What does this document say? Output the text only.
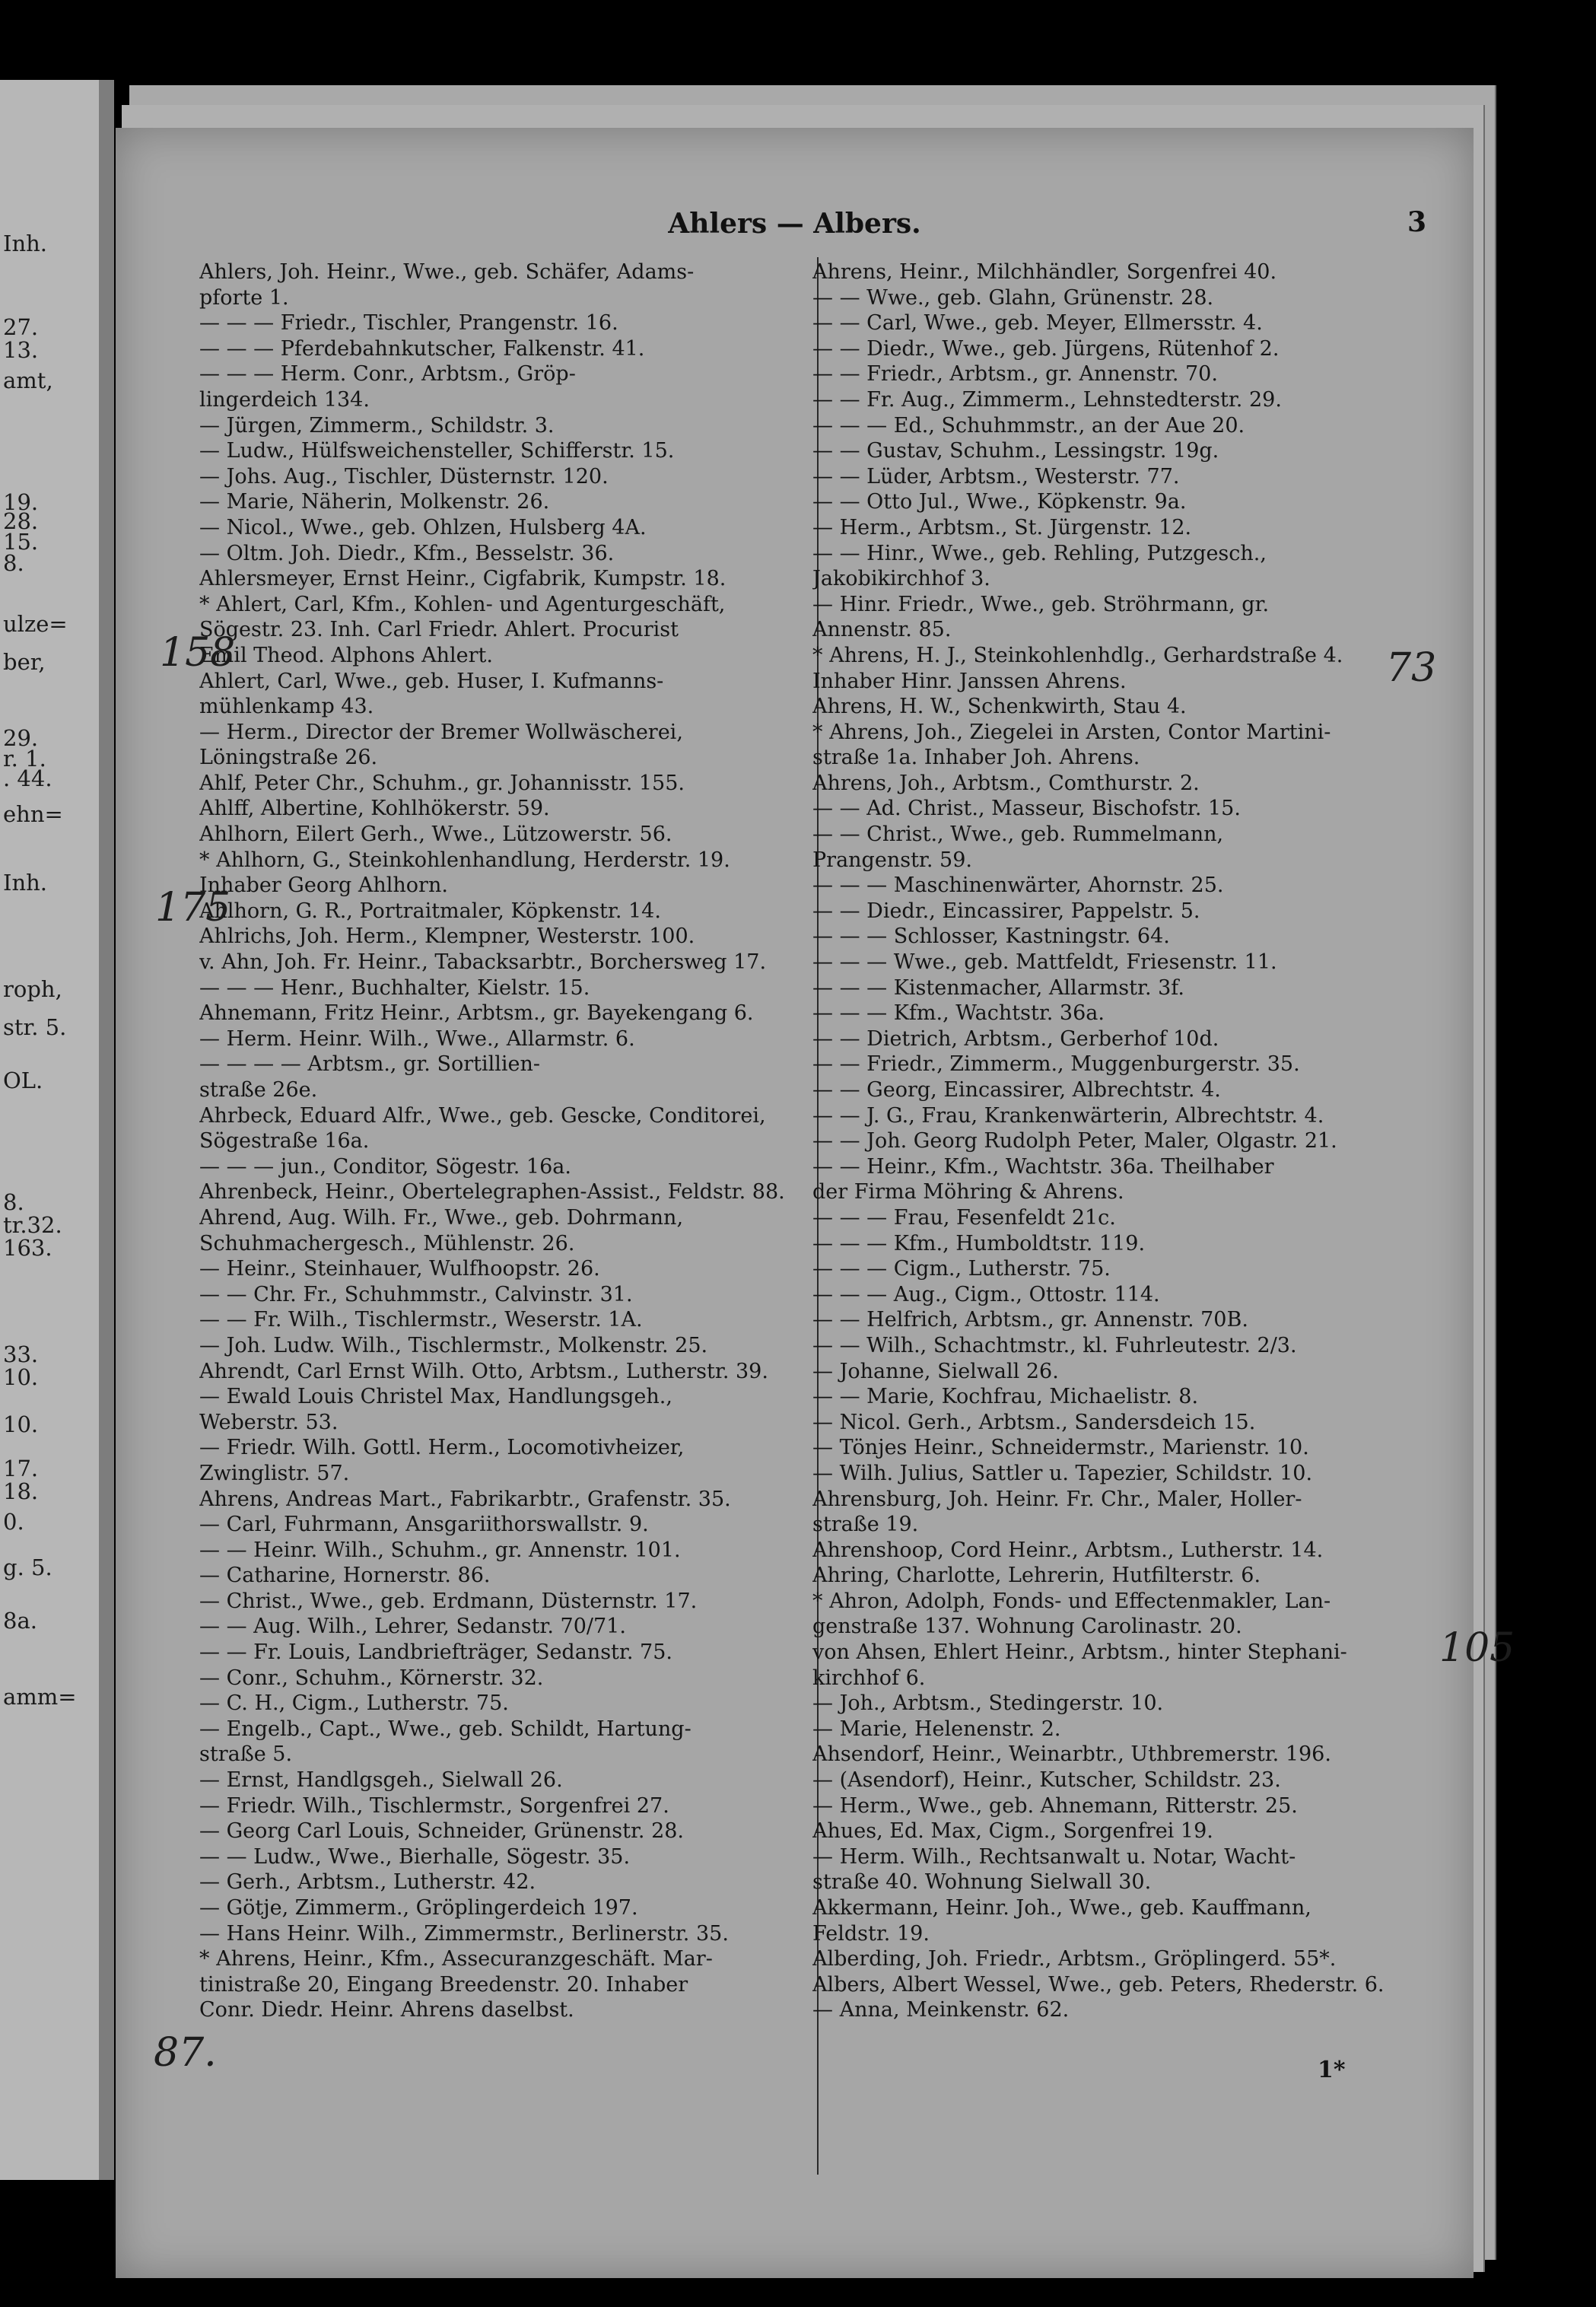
Inh.
27.
13.
amt,
19.
28.
15.
8.
ulze=
ber,
29.
r. 1.
. 44.
ehn=
Inh.
roph,
str. 5.
OL.
8.
tr.32.
163.
33.
10.
10.
17.
18.
0.
g. 5.
8a.
amm=
Ahlers — Albers.	3
Ahlers, Joh. Heinr., Wwe., geb. Schäfer, Adams-
pforte 1.
— — — Friedr., Tischler, Prangenstr. 16.
— — — Pferdebahnkutscher, Falkenstr. 41.
— — — Herm. Conr., Arbtsm., Gröp-
lingerdeich 134.
— Jürgen, Zimmerm., Schildstr. 3.
— Ludw., Hülfsweichensteller, Schifferstr. 15.
— Johs. Aug., Tischler, Düsternstr. 120.
— Marie, Näherin, Molkenstr. 26.
— Nicol., Wwe., geb. Ohlzen, Hulsberg 4A.
— Oltm. Joh. Diedr., Kfm., Besselstr. 36.
Ahlersmeyer, Ernst Heinr., Cigfabrik, Kumpstr. 18.
* Ahlert, Carl, Kfm., Kohlen- und Agenturgeschäft,
Sögestr. 23. Inh. Carl Friedr. Ahlert. Procurist
Emil Theod. Alphons Ahlert.
Ahlert, Carl, Wwe., geb. Huser, I. Kufmanns-
mühlenkamp 43.
— Herm., Director der Bremer Wollwäscherei,
Löningstraße 26.
Ahlf, Peter Chr., Schuhm., gr. Johannisstr. 155.
Ahlff, Albertine, Kohlhökerstr. 59.
Ahlhorn, Eilert Gerh., Wwe., Lützowerstr. 56.
* Ahlhorn, G., Steinkohlenhandlung, Herderstr. 19.
Inhaber Georg Ahlhorn.
Ahlhorn, G. R., Portraitmaler, Köpkenstr. 14.
Ahlrichs, Joh. Herm., Klempner, Westerstr. 100.
v. Ahn, Joh. Fr. Heinr., Tabacksarbtr., Borchersweg 17.
— — — Henr., Buchhalter, Kielstr. 15.
Ahnemann, Fritz Heinr., Arbtsm., gr. Bayekengang 6.
— Herm. Heinr. Wilh., Wwe., Allarmstr. 6.
— — — — Arbtsm., gr. Sortillien-
straße 26e.
Ahrbeck, Eduard Alfr., Wwe., geb. Gescke, Conditorei,
Sögestraße 16a.
— — — jun., Conditor, Sögestr. 16a.
Ahrenbeck, Heinr., Obertelegraphen-Assist., Feldstr. 88.
Ahrend, Aug. Wilh. Fr., Wwe., geb. Dohrmann,
Schuhmachergesch., Mühlenstr. 26.
— Heinr., Steinhauer, Wulfhoopstr. 26.
— — Chr. Fr., Schuhmmstr., Calvinstr. 31.
— — Fr. Wilh., Tischlermstr., Weserstr. 1A.
— Joh. Ludw. Wilh., Tischlermstr., Molkenstr. 25.
Ahrendt, Carl Ernst Wilh. Otto, Arbtsm., Lutherstr. 39.
— Ewald Louis Christel Max, Handlungsgeh.,
Weberstr. 53.
— Friedr. Wilh. Gottl. Herm., Locomotivheizer,
Zwinglistr. 57.
Ahrens, Andreas Mart., Fabrikarbtr., Grafenstr. 35.
— Carl, Fuhrmann, Ansgariithorswallstr. 9.
— — Heinr. Wilh., Schuhm., gr. Annenstr. 101.
— Catharine, Hornerstr. 86.
— Christ., Wwe., geb. Erdmann, Düsternstr. 17.
— — Aug. Wilh., Lehrer, Sedanstr. 70/71.
— — Fr. Louis, Landbriefträger, Sedanstr. 75.
— Conr., Schuhm., Körnerstr. 32.
— C. H., Cigm., Lutherstr. 75.
— Engelb., Capt., Wwe., geb. Schildt, Hartung-
straße 5.
— Ernst, Handlgsgeh., Sielwall 26.
— Friedr. Wilh., Tischlermstr., Sorgenfrei 27.
— Georg Carl Louis, Schneider, Grünenstr. 28.
— — Ludw., Wwe., Bierhalle, Sögestr. 35.
— Gerh., Arbtsm., Lutherstr. 42.
— Götje, Zimmerm., Gröplingerdeich 197.
— Hans Heinr. Wilh., Zimmermstr., Berlinerstr. 35.
* Ahrens, Heinr., Kfm., Assecuranzgeschäft. Mar-
tinistraße 20, Eingang Breedenstr. 20. Inhaber
Conr. Diedr. Heinr. Ahrens daselbst.
Ahrens, Heinr., Milchhändler, Sorgenfrei 40.
— — Wwe., geb. Glahn, Grünenstr. 28.
— — Carl, Wwe., geb. Meyer, Ellmersstr. 4.
— — Diedr., Wwe., geb. Jürgens, Rütenhof 2.
— — Friedr., Arbtsm., gr. Annenstr. 70.
— — Fr. Aug., Zimmerm., Lehnstedterstr. 29.
— — — Ed., Schuhmmstr., an der Aue 20.
— — Gustav, Schuhm., Lessingstr. 19g.
— — Lüder, Arbtsm., Westerstr. 77.
— — Otto Jul., Wwe., Köpkenstr. 9a.
— Herm., Arbtsm., St. Jürgenstr. 12.
— — Hinr., Wwe., geb. Rehling, Putzgesch.,
Jakobikirchhof 3.
— Hinr. Friedr., Wwe., geb. Ströhrmann, gr.
Annenstr. 85.
* Ahrens, H. J., Steinkohlenhdlg., Gerhardstraße 4.
Inhaber Hinr. Janssen Ahrens.
Ahrens, H. W., Schenkwirth, Stau 4.
* Ahrens, Joh., Ziegelei in Arsten, Contor Martini-
straße 1a. Inhaber Joh. Ahrens.
Ahrens, Joh., Arbtsm., Comthurstr. 2.
— — Ad. Christ., Masseur, Bischofstr. 15.
— — Christ., Wwe., geb. Rummelmann,
Prangenstr. 59.
— — — Maschinenwärter, Ahornstr. 25.
— — Diedr., Eincassirer, Pappelstr. 5.
— — — Schlosser, Kastningstr. 64.
— — — Wwe., geb. Mattfeldt, Friesenstr. 11.
— — — Kistenmacher, Allarmstr. 3f.
— — — Kfm., Wachtstr. 36a.
— — Dietrich, Arbtsm., Gerberhof 10d.
— — Friedr., Zimmerm., Muggenburgerstr. 35.
— — Georg, Eincassirer, Albrechtstr. 4.
— — J. G., Frau, Krankenwärterin, Albrechtstr. 4.
— — Joh. Georg Rudolph Peter, Maler, Olgastr. 21.
— — Heinr., Kfm., Wachtstr. 36a. Theilhaber
der Firma Möhring & Ahrens.
— — — Frau, Fesenfeldt 21c.
— — — Kfm., Humboldtstr. 119.
— — — Cigm., Lutherstr. 75.
— — — Aug., Cigm., Ottostr. 114.
— — Helfrich, Arbtsm., gr. Annenstr. 70B.
— — Wilh., Schachtmstr., kl. Fuhrleutestr. 2/3.
— Johanne, Sielwall 26.
— — Marie, Kochfrau, Michaelistr. 8.
— Nicol. Gerh., Arbtsm., Sandersdeich 15.
— Tönjes Heinr., Schneidermstr., Marienstr. 10.
— Wilh. Julius, Sattler u. Tapezier, Schildstr. 10.
Ahrensburg, Joh. Heinr. Fr. Chr., Maler, Holler-
straße 19.
Ahrenshoop, Cord Heinr., Arbtsm., Lutherstr. 14.
Ahring, Charlotte, Lehrerin, Hutfilterstr. 6.
* Ahron, Adolph, Fonds- und Effectenmakler, Lan-
genstraße 137. Wohnung Carolinastr. 20.
von Ahsen, Ehlert Heinr., Arbtsm., hinter Stephani-
kirchhof 6.
— Joh., Arbtsm., Stedingerstr. 10.
— Marie, Helenenstr. 2.
Ahsendorf, Heinr., Weinarbtr., Uthbremerstr. 196.
— (Asendorf), Heinr., Kutscher, Schildstr. 23.
— Herm., Wwe., geb. Ahnemann, Ritterstr. 25.
Ahues, Ed. Max, Cigm., Sorgenfrei 19.
— Herm. Wilh., Rechtsanwalt u. Notar, Wacht-
straße 40. Wohnung Sielwall 30.
Akkermann, Heinr. Joh., Wwe., geb. Kauffmann,
Feldstr. 19.
Alberding, Joh. Friedr., Arbtsm., Gröplingerd. 55*.
Albers, Albert Wessel, Wwe., geb. Peters, Rhederstr. 6.
— Anna, Meinkenstr. 62.
1*
158
175
87.
73
105
